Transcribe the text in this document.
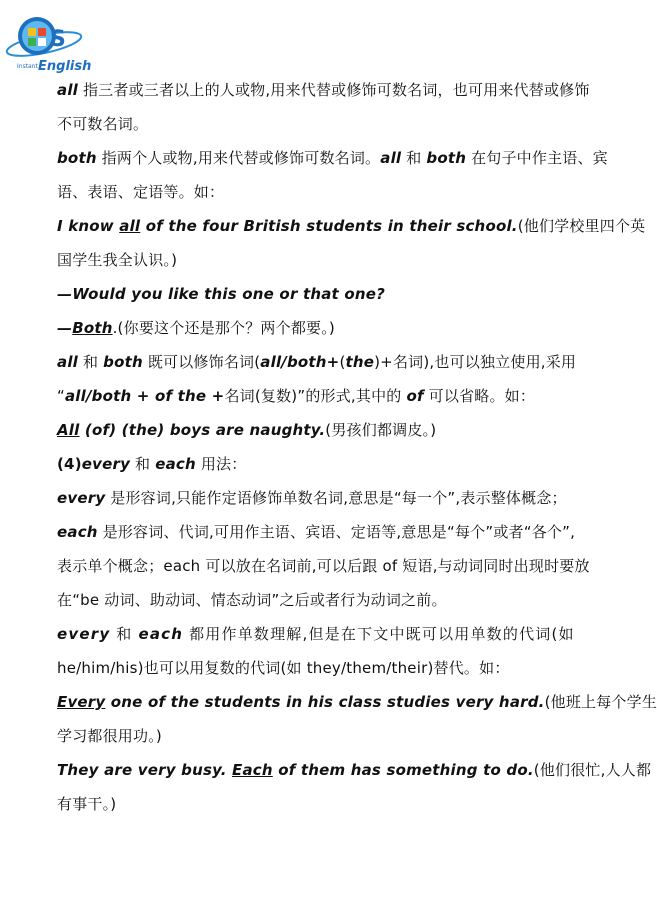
S
Instant English
all 指三者或三者以上的人或物,用来代替或修饰可数名词，也可用来代替或修饰
不可数名词。
both 指两个人或物,用来代替或修饰可数名词。all 和 both 在句子中作主语、宾
语、表语、定语等。如：
I know all of the four British students in their school.(他们学校里四个英
国学生我全认识。)
—Would you like this one or that one?
—Both.(你要这个还是那个？两个都要。)
all 和 both 既可以修饰名词(all/both+(the)+名词),也可以独立使用,采用
“all/both + of the +名词(复数)”的形式,其中的 of 可以省略。如：
All (of) (the) boys are naughty.(男孩们都调皮。)
(4)every 和 each 用法：
every 是形容词,只能作定语修饰单数名词,意思是“每一个”,表示整体概念；
each 是形容词、代词,可用作主语、宾语、定语等,意思是“每个”或者“各个”,
表示单个概念；each 可以放在名词前,可以后跟 of 短语,与动词同时出现时要放
在“be 动词、助动词、情态动词”之后或者行为动词之前。
every 和 each 都用作单数理解,但是在下文中既可以用单数的代词(如
he/him/his)也可以用复数的代词(如 they/them/their)替代。如：
Every one of the students in his class studies very hard.(他班上每个学生
学习都很用功。)
They are very busy. Each of them has something to do.(他们很忙,人人都
有事干。)
